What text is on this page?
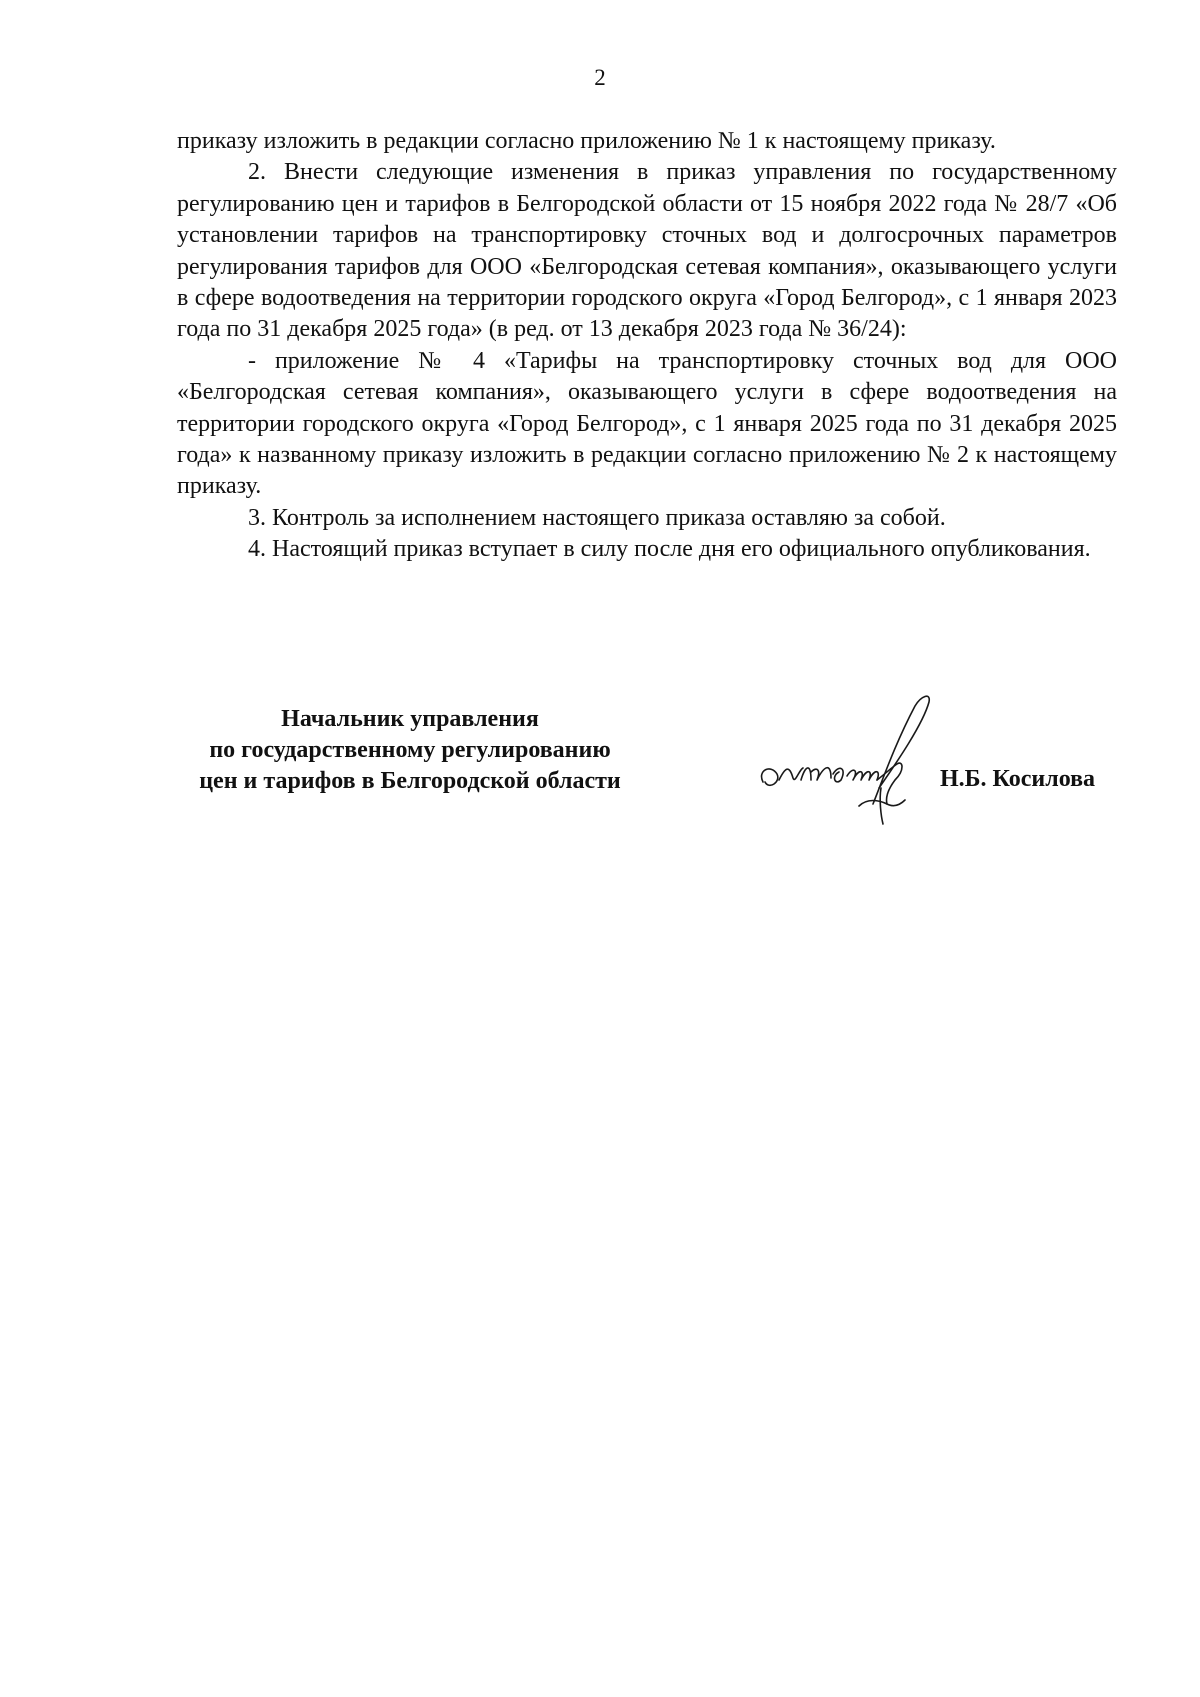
2

приказу изложить в редакции согласно приложению № 1 к настоящему приказу.

2. Внести следующие изменения в приказ управления по государственному регулированию цен и тарифов в Белгородской области от 15 ноября 2022 года № 28/7 «Об установлении тарифов на транспортировку сточных вод и долгосрочных параметров регулирования тарифов для ООО «Белгородская сетевая компания», оказывающего услуги в сфере водоотведения на территории городского округа «Город Белгород», с 1 января 2023 года по 31 декабря 2025 года» (в ред. от 13 декабря 2023 года № 36/24):

- приложение № 4 «Тарифы на транспортировку сточных вод для ООО «Белгородская сетевая компания», оказывающего услуги в сфере водоотведения на территории городского округа «Город Белгород», с 1 января 2025 года по 31 декабря 2025 года» к названному приказу изложить в редакции согласно приложению № 2 к настоящему приказу.

3. Контроль за исполнением настоящего приказа оставляю за собой.

4. Настоящий приказ вступает в силу после дня его официального опубликования.

Начальник управления
по государственному регулированию
цен и тарифов в Белгородской области	Н.Б. Косилова
